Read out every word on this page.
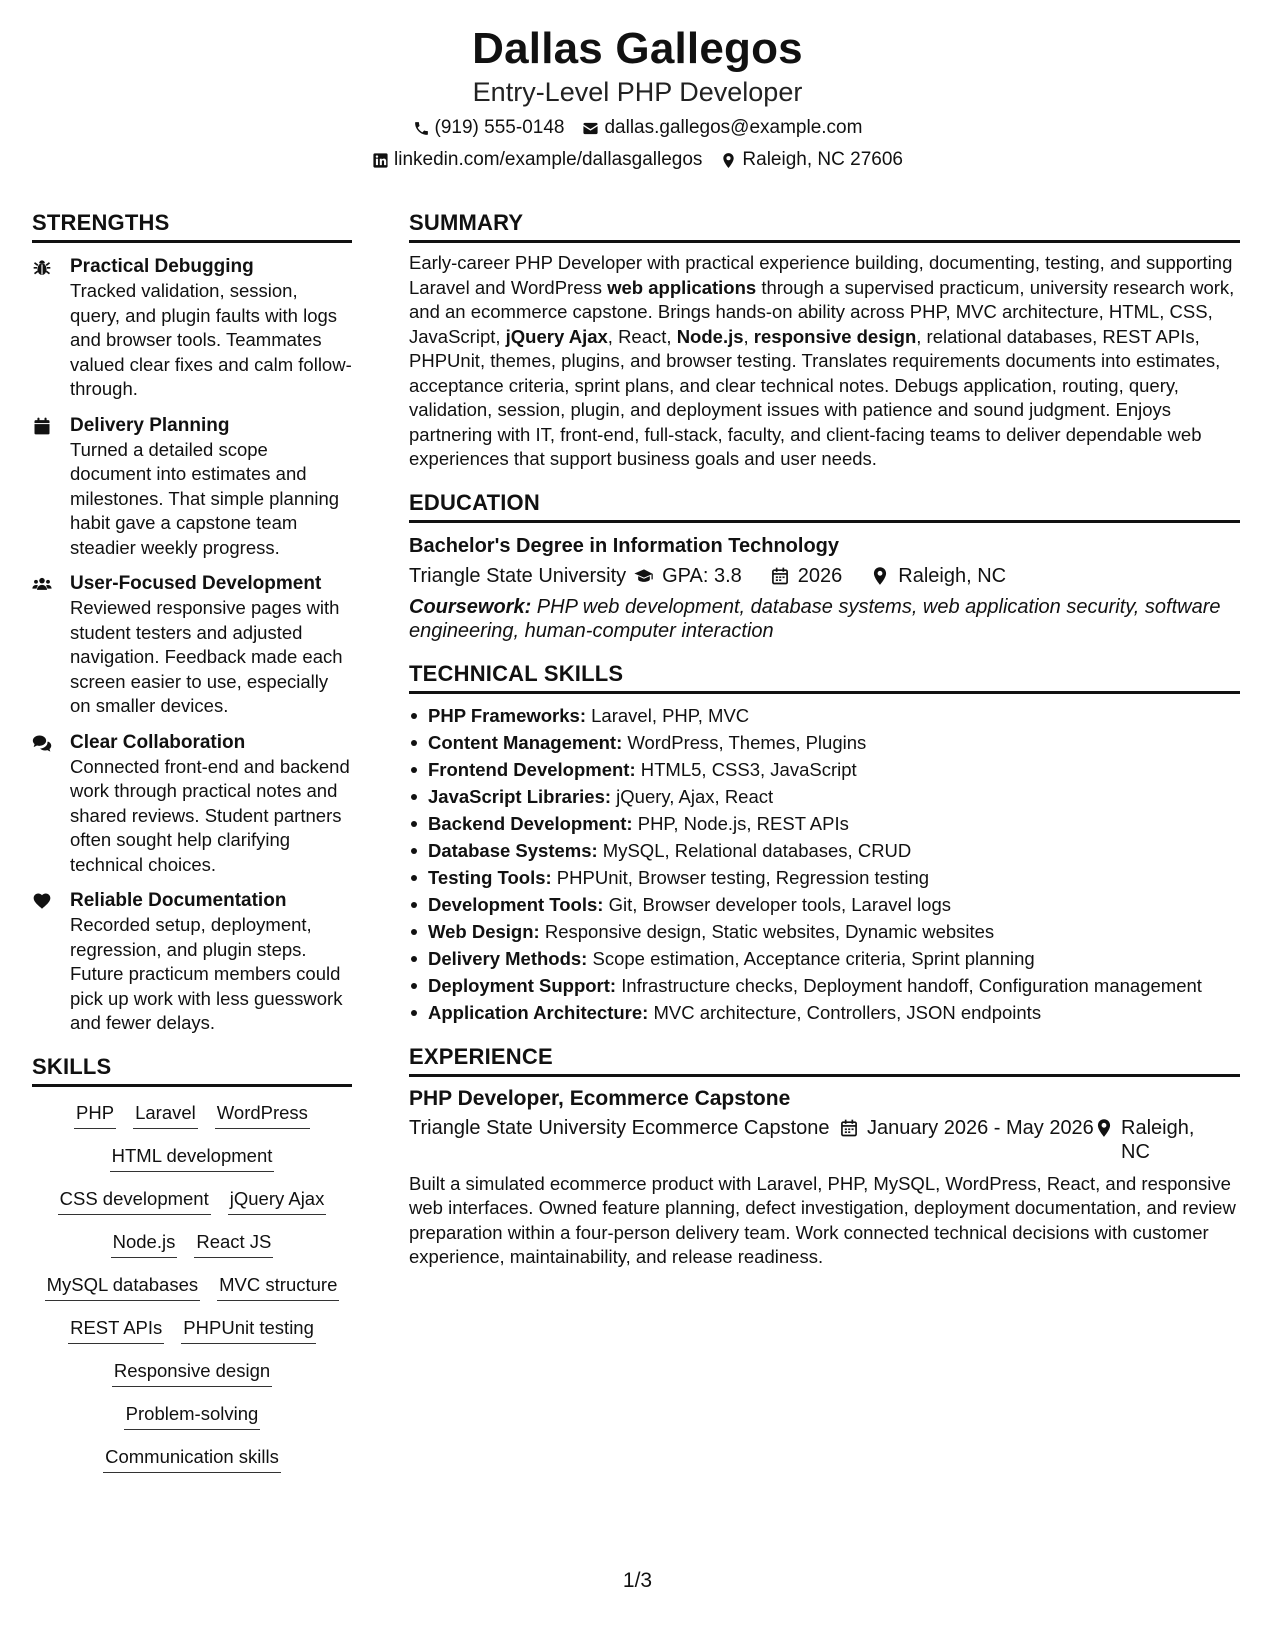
Dallas Gallegos
Entry-Level PHP Developer
(919) 555-0148 dallas.gallegos@example.com
linkedin.com/example/dallasgallegos Raleigh, NC 27606
STRENGTHS
Practical Debugging
Tracked validation, session, query, and plugin faults with logs and browser tools. Teammates valued clear fixes and calm follow-through.
Delivery Planning
Turned a detailed scope document into estimates and milestones. That simple planning habit gave a capstone team steadier weekly progress.
User-Focused Development
Reviewed responsive pages with student testers and adjusted navigation. Feedback made each screen easier to use, especially on smaller devices.
Clear Collaboration
Connected front-end and backend work through practical notes and shared reviews. Student partners often sought help clarifying technical choices.
Reliable Documentation
Recorded setup, deployment, regression, and plugin steps. Future practicum members could pick up work with less guesswork and fewer delays.
SKILLS
PHP Laravel WordPress
HTML development
CSS development jQuery Ajax
Node.js React JS
MySQL databases MVC structure
REST APIs PHPUnit testing
Responsive design
Problem-solving
Communication skills
SUMMARY
Early-career PHP Developer with practical experience building, documenting, testing, and supporting Laravel and WordPress web applications through a supervised practicum, university research work, and an ecommerce capstone. Brings hands-on ability across PHP, MVC architecture, HTML, CSS, JavaScript, jQuery Ajax, React, Node.js, responsive design, relational databases, REST APIs, PHPUnit, themes, plugins, and browser testing. Translates requirements documents into estimates, acceptance criteria, sprint plans, and clear technical notes. Debugs application, routing, query, validation, session, plugin, and deployment issues with patience and sound judgment. Enjoys partnering with IT, front-end, full-stack, faculty, and client-facing teams to deliver dependable web experiences that support business goals and user needs.
EDUCATION
Bachelor's Degree in Information Technology
Triangle State University GPA: 3.8	2026	Raleigh, NC
Coursework: PHP web development, database systems, web application security, software engineering, human-computer interaction
TECHNICAL SKILLS
PHP Frameworks: Laravel, PHP, MVC
Content Management: WordPress, Themes, Plugins
Frontend Development: HTML5, CSS3, JavaScript
JavaScript Libraries: jQuery, Ajax, React
Backend Development: PHP, Node.js, REST APIs
Database Systems: MySQL, Relational databases, CRUD
Testing Tools: PHPUnit, Browser testing, Regression testing
Development Tools: Git, Browser developer tools, Laravel logs
Web Design: Responsive design, Static websites, Dynamic websites
Delivery Methods: Scope estimation, Acceptance criteria, Sprint planning
Deployment Support: Infrastructure checks, Deployment handoff, Configuration management
Application Architecture: MVC architecture, Controllers, JSON endpoints
EXPERIENCE
PHP Developer, Ecommerce Capstone
Triangle State University Ecommerce Capstone	January 2026 - May 2026 Raleigh, NC
Built a simulated ecommerce product with Laravel, PHP, MySQL, WordPress, React, and responsive web interfaces. Owned feature planning, defect investigation, deployment documentation, and review preparation within a four-person delivery team. Work connected technical decisions with customer experience, maintainability, and release readiness.
1/3
